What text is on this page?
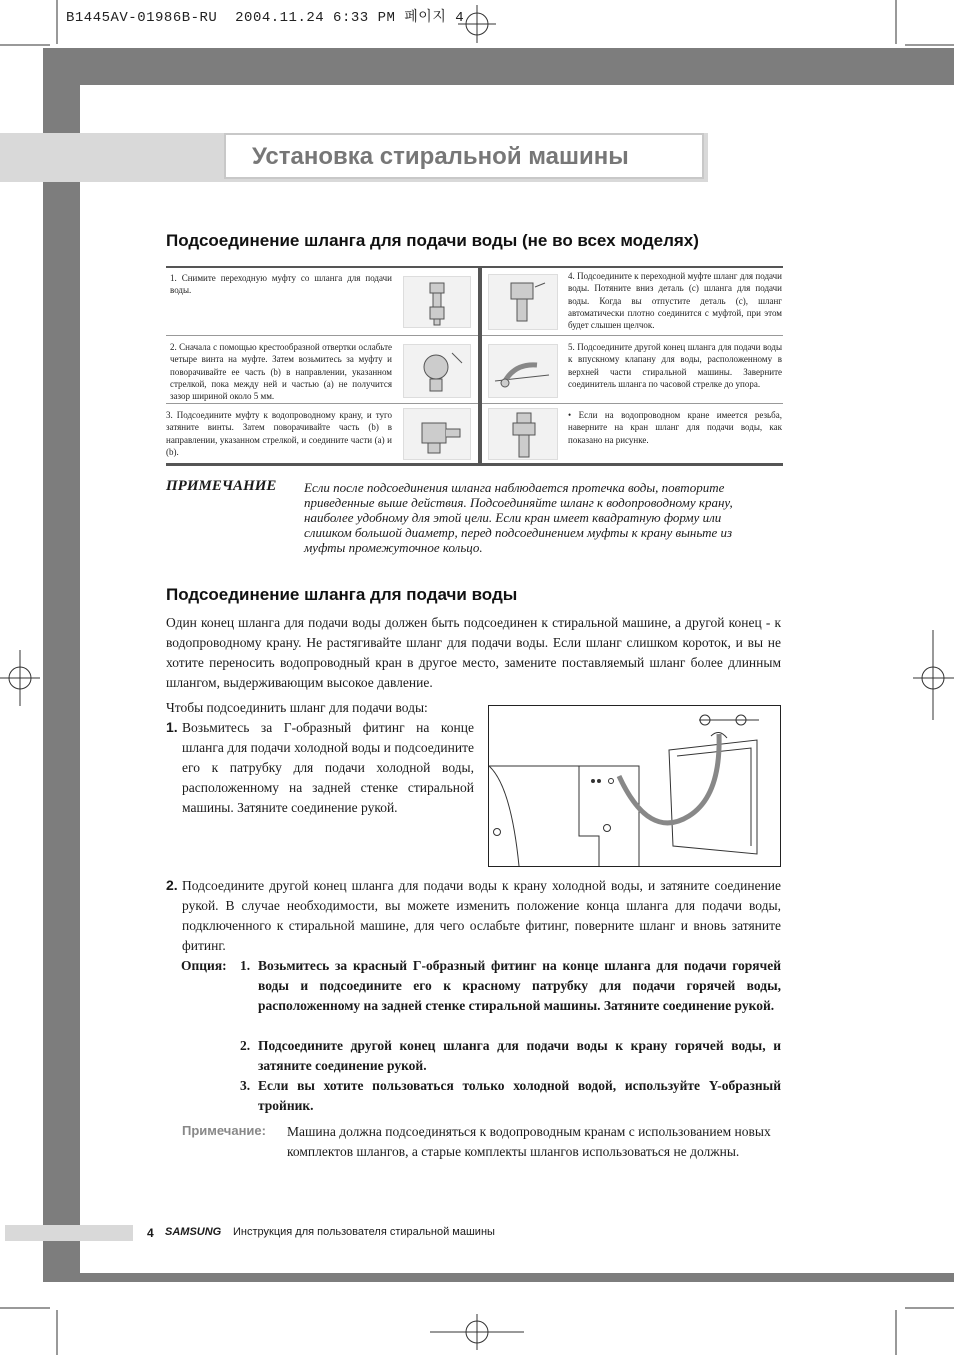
B1445AV-01986B-RU 2004.11.24 6:33 PM 페이지 4
Установка стиральной машины
Подсоединение шланга для подачи воды (не во всех моделях)
1. Снимите переходную муфту со шланга для подачи воды.
2. Сначала с помощью крестообразной отвертки ослабьте четыре винта на муфте. Затем возьмитесь за муфту и поворачивайте ее часть (b) в направлении, указанном стрелкой, пока между ней и частью (a) не получится зазор шириной около 5 мм.
3. Подсоедините муфту к водопроводному крану, и туго затяните винты. Затем поворачивайте часть (b) в направлении, указанном стрелкой, и соедините части (a) и (b).
4. Подсоедините к переходной муфте шланг для подачи воды. Потяните вниз деталь (c) шланга для подачи воды. Когда вы отпустите деталь (c), шланг автоматически плотно соединится с муфтой, при этом будет слышен щелчок.
5. Подсоедините другой конец шланга для подачи воды к впускному клапану для воды, расположенному в верхней части стиральной машины. Заверните соединитель шланга по часовой стрелке до упора.
• Если на водопроводном кране имеется резьба, наверните на кран шланг для подачи воды, как показано на рисунке.
ПРИМЕЧАНИЕ Если после подсоединения шланга наблюдается протечка воды, повторите приведенные выше действия. Подсоединяйте шланг к водопроводному крану, наиболее удобному для этой цели. Если кран имеет квадратную форму или слишком большой диаметр, перед подсоединением муфты к крану выньте из муфты промежуточное кольцо.
Подсоединение шланга для подачи воды
Один конец шланга для подачи воды должен быть подсоединен к стиральной машине, а другой конец - к водопроводному крану. Не растягивайте шланг для подачи воды. Если шланг слишком короток, и вы не хотите переносить водопроводный кран в другое место, замените поставляемый шланг более длинным шлангом, выдерживающим высокое давление.
Чтобы подсоединить шланг для подачи воды:
1. Возьмитесь за Г-образный фитинг на конце шланга для подачи холодной воды и подсоедините его к патрубку для подачи холодной воды, расположенному на задней стенке стиральной машины. Затяните соединение рукой.
2. Подсоедините другой конец шланга для подачи воды к крану холодной воды, и затяните соединение рукой. В случае необходимости, вы можете изменить положение конца шланга для подачи воды, подключенного к стиральной машине, для чего ослабьте фитинг, поверните шланг и вновь затяните фитинг.
Опция: 1. Возьмитесь за красный Г-образный фитинг на конце шланга для подачи горячей воды и подсоедините его к красному патрубку для подачи горячей воды, расположенному на задней стенке стиральной машины. Затяните соединение рукой.
2. Подсоедините другой конец шланга для подачи воды к крану горячей воды, и затяните соединение рукой.
3. Если вы хотите пользоваться только холодной водой, используйте Y-образный тройник.
Примечание: Машина должна подсоединяться к водопроводным кранам с использованием новых комплектов шлангов, а старые комплекты шлангов использоваться не должны.
4 SAMSUNG Инструкция для пользователя стиральной машины
